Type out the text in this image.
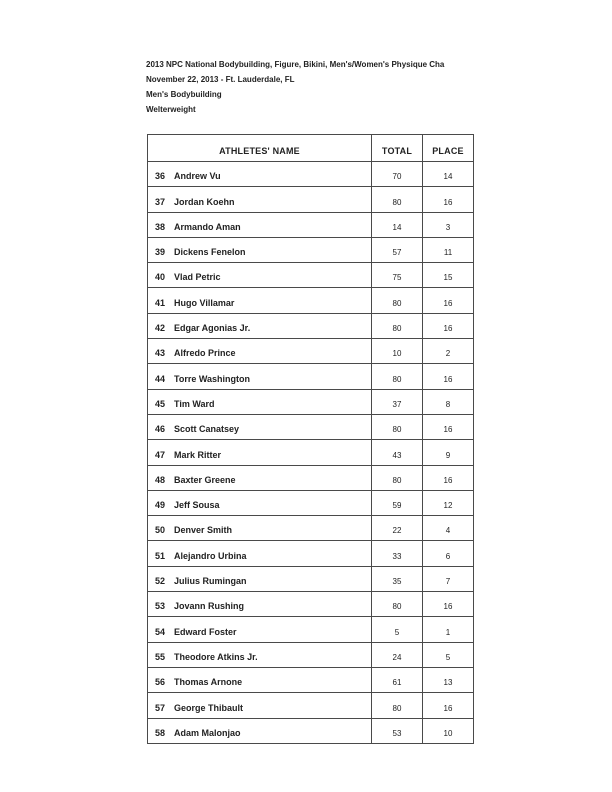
2013 NPC National Bodybuilding, Figure, Bikini, Men's/Women's Physique Cha
November 22, 2013 - Ft. Lauderdale, FL
Men's Bodybuilding
Welterweight
ATHLETES' NAME	TOTAL	PLACE
36 Andrew Vu	70	14
37 Jordan Koehn	80	16
38 Armando Aman	14	3
39 Dickens Fenelon	57	11
40 Vlad Petric	75	15
41 Hugo Villamar	80	16
42 Edgar Agonias Jr.	80	16
43 Alfredo Prince	10	2
44 Torre Washington	80	16
45 Tim Ward	37	8
46 Scott Canatsey	80	16
47 Mark Ritter	43	9
48 Baxter Greene	80	16
49 Jeff Sousa	59	12
50 Denver Smith	22	4
51 Alejandro Urbina	33	6
52 Julius Rumingan	35	7
53 Jovann Rushing	80	16
54 Edward Foster	5	1
55 Theodore Atkins Jr.	24	5
56 Thomas Arnone	61	13
57 George Thibault	80	16
58 Adam Malonjao	53	10
